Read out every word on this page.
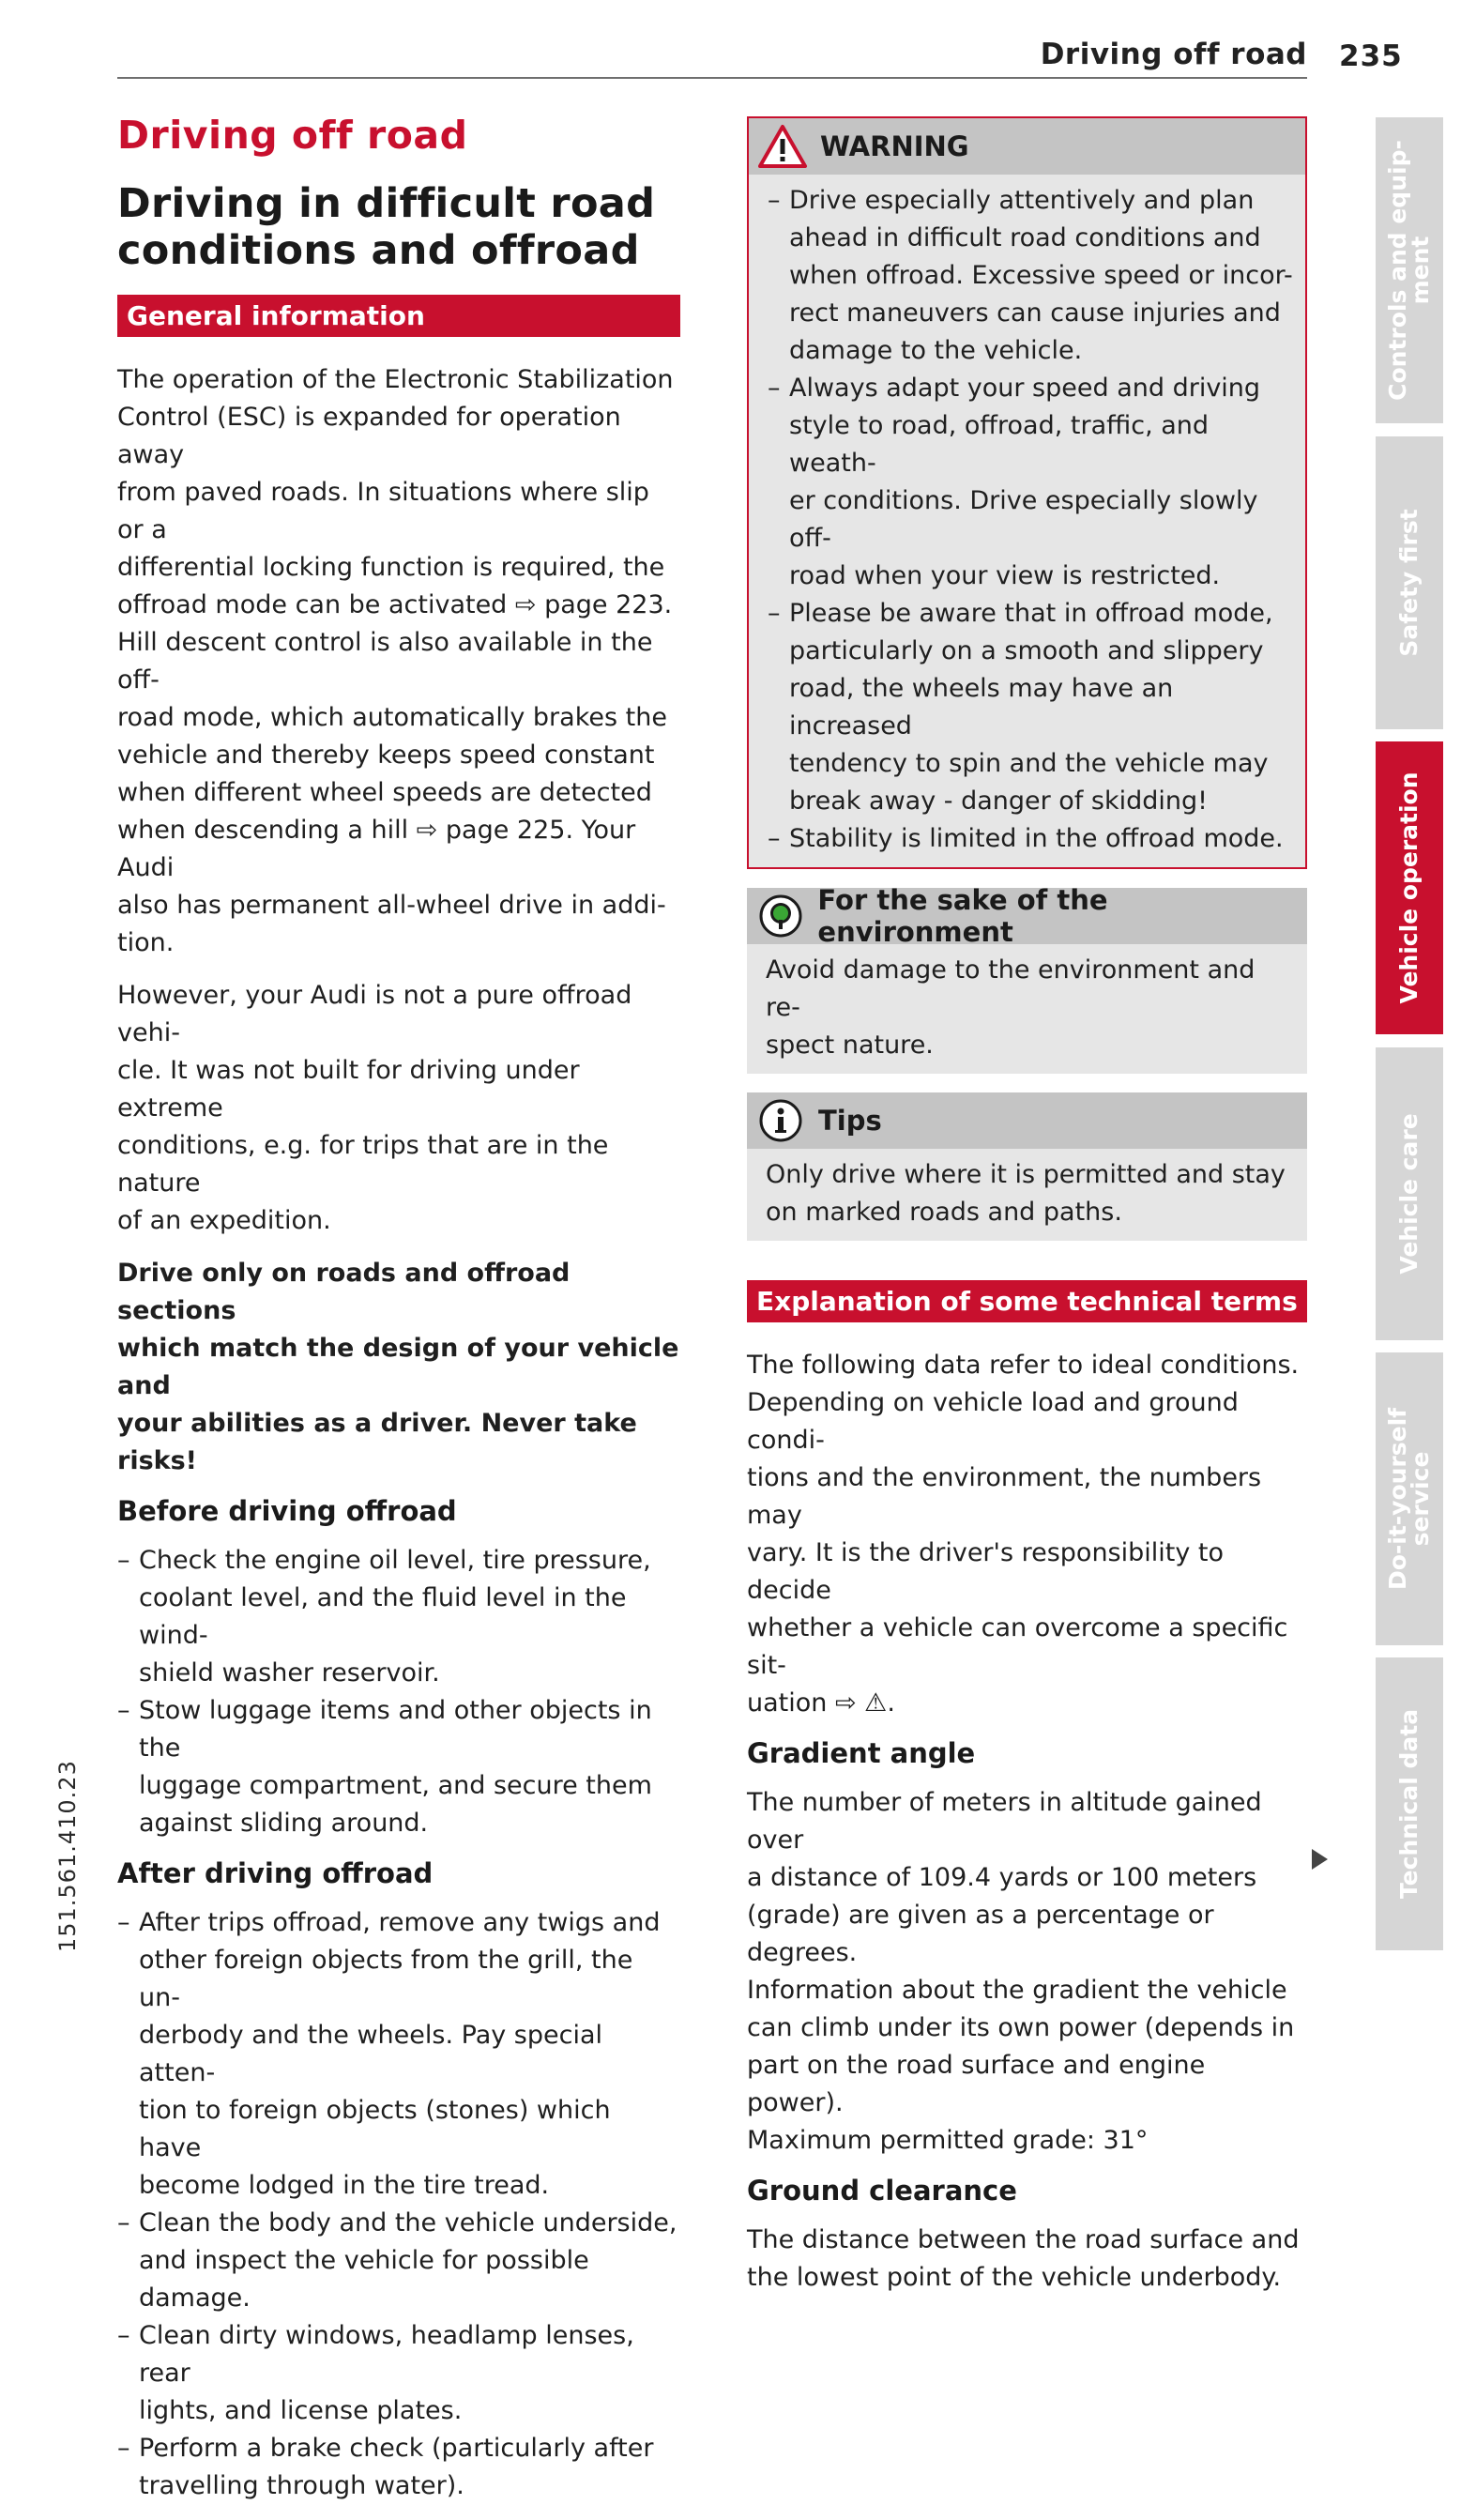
Driving off road 235
Driving off road
Driving in difficult road
conditions and offroad
General information

The operation of the Electronic Stabilization
Control (ESC) is expanded for operation away
from paved roads. In situations where slip or a
differential locking function is required, the
offroad mode can be activated ⇨ page 223.
Hill descent control is also available in the off-
road mode, which automatically brakes the
vehicle and thereby keeps speed constant
when different wheel speeds are detected
when descending a hill ⇨ page 225. Your Audi
also has permanent all-wheel drive in addi-
tion.

However, your Audi is not a pure offroad vehi-
cle. It was not built for driving under extreme
conditions, e.g. for trips that are in the nature
of an expedition.

Drive only on roads and offroad sections
which match the design of your vehicle and
your abilities as a driver. Never take risks!

Before driving offroad
– Check the engine oil level, tire pressure,
coolant level, and the fluid level in the wind-
shield washer reservoir.
– Stow luggage items and other objects in the
luggage compartment, and secure them
against sliding around.
After driving offroad
– After trips offroad, remove any twigs and
other foreign objects from the grill, the un-
derbody and the wheels. Pay special atten-
tion to foreign objects (stones) which have
become lodged in the tire tread.
– Clean the body and the vehicle underside,
and inspect the vehicle for possible damage.
– Clean dirty windows, headlamp lenses, rear
lights, and license plates.
– Perform a brake check (particularly after
travelling through water).
WARNING
– Drive especially attentively and plan
ahead in difficult road conditions and
when offroad. Excessive speed or incor-
rect maneuvers can cause injuries and
damage to the vehicle.
– Always adapt your speed and driving
style to road, offroad, traffic, and weath-
er conditions. Drive especially slowly off-
road when your view is restricted.
– Please be aware that in offroad mode,
particularly on a smooth and slippery
road, the wheels may have an increased
tendency to spin and the vehicle may
break away - danger of skidding!
– Stability is limited in the offroad mode.
For the sake of the environment

Avoid damage to the environment and re-
spect nature.

Tips

Only drive where it is permitted and stay
on marked roads and paths.

Explanation of some technical terms

The following data refer to ideal conditions.
Depending on vehicle load and ground condi-
tions and the environment, the numbers may
vary. It is the driver's responsibility to decide
whether a vehicle can overcome a specific sit-
uation ⇨ ⚠.

Gradient angle

The number of meters in altitude gained over
a distance of 109.4 yards or 100 meters
(grade) are given as a percentage or degrees.
Information about the gradient the vehicle
can climb under its own power (depends in
part on the road surface and engine power).
Maximum permitted grade: 31°

Ground clearance

The distance between the road surface and
the lowest point of the vehicle underbody.

Controls and equip-
ment
Safety first
Vehicle operation
Vehicle care
Do-it-yourself
service
Technical data
151.561.410.23
